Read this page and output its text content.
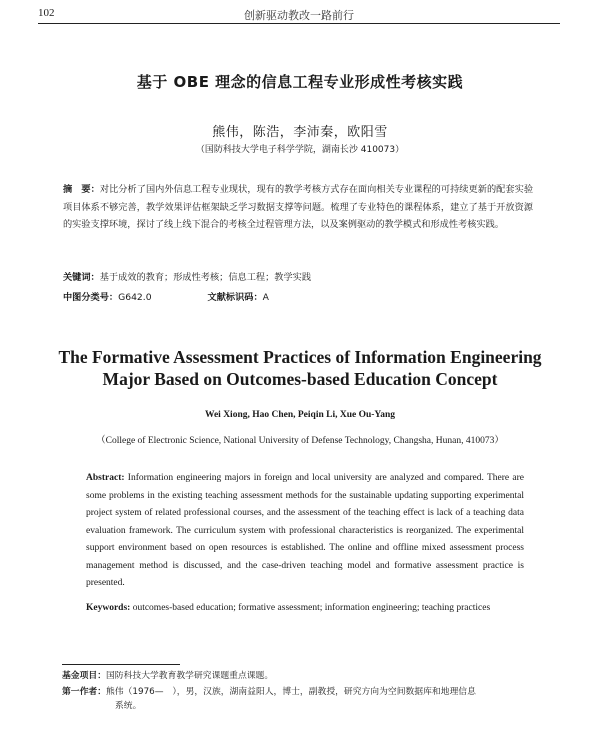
102	创新驱动教改一路前行
基于 OBE 理念的信息工程专业形成性考核实践
熊伟，陈浩，李沛秦，欧阳雪
（国防科技大学电子科学学院，湖南长沙 410073）
摘　要：对比分析了国内外信息工程专业现状，现有的教学考核方式存在面向相关专业课程的可持续更新的配套实验项目体系不够完善，教学效果评估框架缺乏学习数据支撑等问题。梳理了专业特色的课程体系，建立了基于开放资源的实验支撑环境，探讨了线上线下混合的考核全过程管理方法，以及案例驱动的教学模式和形成性考核实践。
关键词：基于成效的教育；形成性考核；信息工程；教学实践
中图分类号：G642.0	文献标识码：A
The Formative Assessment Practices of Information Engineering
Major Based on Outcomes-based Education Concept
Wei Xiong, Hao Chen, Peiqin Li, Xue Ou-Yang
（College of Electronic Science, National University of Defense Technology, Changsha, Hunan, 410073）
Abstract: Information engineering majors in foreign and local university are analyzed and compared. There are some problems in the existing teaching assessment methods for the sustainable updating supporting experimental project system of related professional courses, and the assessment of the teaching effect is lack of a teaching data evaluation framework. The curriculum system with professional characteristics is reorganized. The experimental support environment based on open resources is established. The online and offline mixed assessment process management method is discussed, and the case-driven teaching model and formative assessment practice is presented.
Keywords: outcomes-based education; formative assessment; information engineering; teaching practices
基金项目：国防科技大学教育教学研究课题重点课题。
第一作者：熊伟（1976—　），男，汉族，湖南益阳人，博士，副教授，研究方向为空间数据库和地理信息
系统。
